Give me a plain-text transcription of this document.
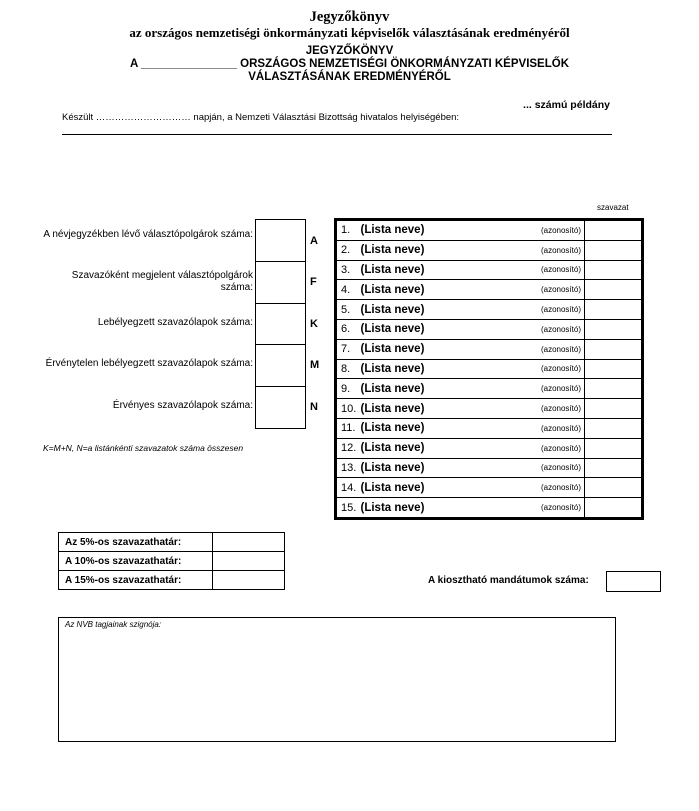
Jegyzőkönyv
az országos nemzetiségi önkormányzati képviselők választásának eredményéről
JEGYZŐKÖNYV
A _______________ ORSZÁGOS NEMZETISÉGI ÖNKORMÁNYZATI KÉPVISELŐK
VÁLASZTÁSÁNAK EREDMÉNYÉRŐL
... számú példány
Készült ………………………… napján, a Nemzeti Választási Bizottság hivatalos helyiségében:
szavazat
A névjegyzékben lévő választópolgárok száma:
A
Szavazóként megjelent választópolgárok száma:	F
Lebélyegzett szavazólapok száma:	K
Érvénytelen lebélyegzett szavazólapok száma:	M
Érvényes szavazólapok száma:	N
K=M+N, N=a listánkénti szavazatok száma összesen
1.	(Lista neve)	(azonosító)	
2.	(Lista neve)	(azonosító)	
3.	(Lista neve)	(azonosító)	
4.	(Lista neve)	(azonosító)	
5.	(Lista neve)	(azonosító)	
6.	(Lista neve)	(azonosító)	
7.	(Lista neve)	(azonosító)	
8.	(Lista neve)	(azonosító)	
9.	(Lista neve)	(azonosító)	
10.	(Lista neve)	(azonosító)	
11.	(Lista neve)	(azonosító)	
12.	(Lista neve)	(azonosító)	
13.	(Lista neve)	(azonosító)	
14.	(Lista neve)	(azonosító)	
15.	(Lista neve)	(azonosító)	
Az 5%-os szavazathatár:	
A 10%-os szavazathatár:	
A 15%-os szavazathatár:		A kiosztható mandátumok száma:
Az NVB tagjainak szignója:
